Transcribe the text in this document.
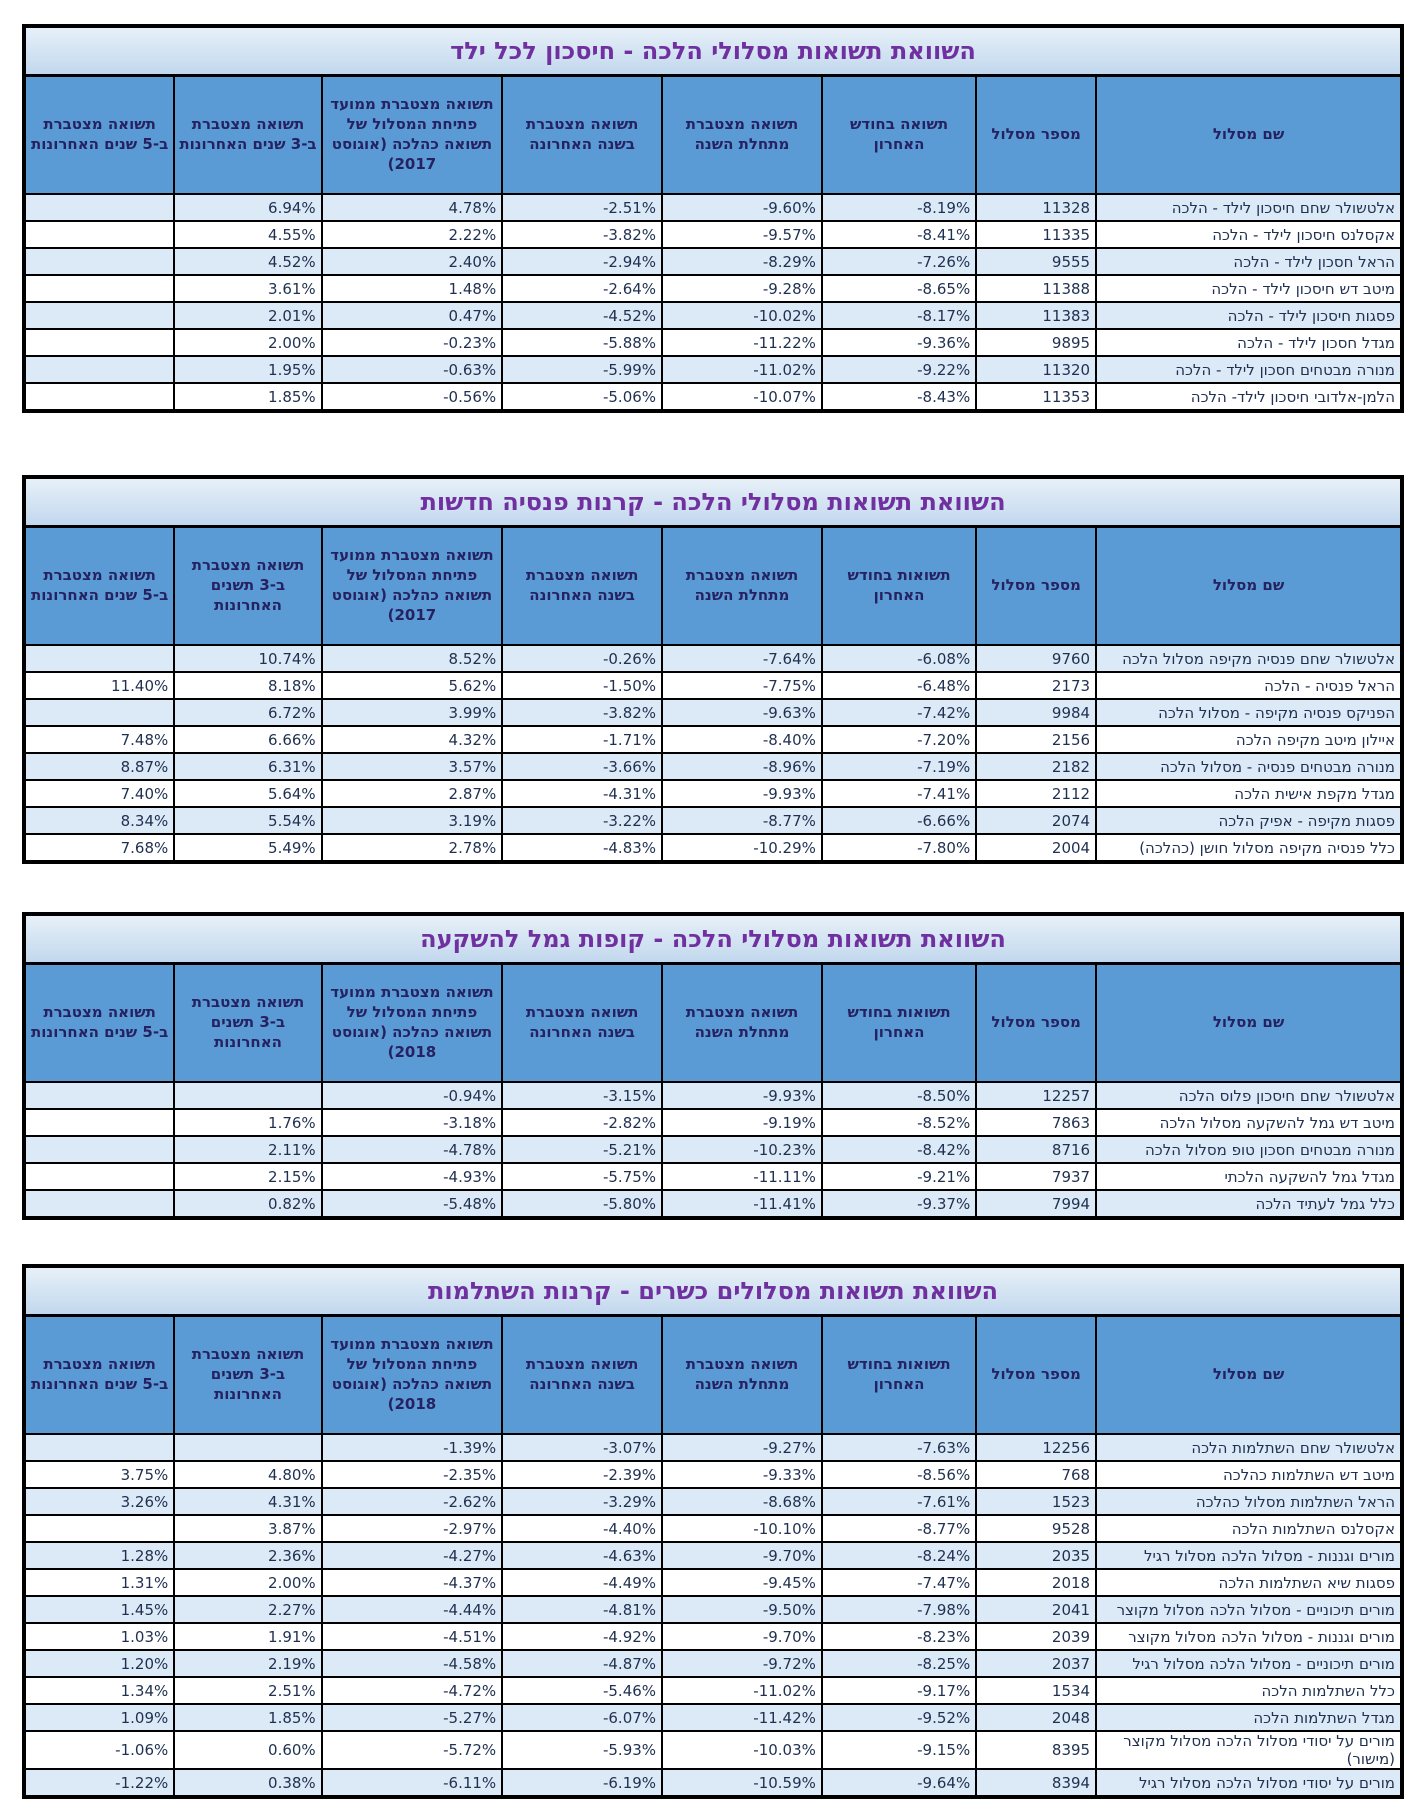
השוואת תשואות מסלולי הלכה - חיסכון לכל ילד							
שם מסלול	מספר מסלול	תשואה בחודש האחרון	תשואה מצטברת מתחלת השנה	תשואה מצטברת בשנה האחרונה	תשואה מצטברת ממועד פתיחת המסלול של תשואה כהלכה (אוגוסט 2017)	תשואה מצטברת ב-3 שנים האחרונות	תשואה מצטברת ב-5 שנים האחרונות
אלטשולר שחם חיסכון לילד - הלכה	11328	-8.19%	-9.60%	-2.51%	4.78%	6.94%	
אקסלנס חיסכון לילד - הלכה	11335	-8.41%	-9.57%	-3.82%	2.22%	4.55%	
הראל חסכון לילד - הלכה	9555	-7.26%	-8.29%	-2.94%	2.40%	4.52%	
מיטב דש חיסכון לילד - הלכה	11388	-8.65%	-9.28%	-2.64%	1.48%	3.61%	
פסגות חיסכון לילד - הלכה	11383	-8.17%	-10.02%	-4.52%	0.47%	2.01%	
מגדל חסכון לילד - הלכה	9895	-9.36%	-11.22%	-5.88%	-0.23%	2.00%	
מנורה מבטחים חסכון לילד - הלכה	11320	-9.22%	-11.02%	-5.99%	-0.63%	1.95%	
הלמן-אלדובי חיסכון לילד- הלכה	11353	-8.43%	-10.07%	-5.06%	-0.56%	1.85%	
השוואת תשואות מסלולי הלכה - קרנות פנסיה חדשות							
שם מסלול	מספר מסלול	תשואות בחודש האחרון	תשואה מצטברת מתחלת השנה	תשואה מצטברת בשנה האחרונה	תשואה מצטברת ממועד פתיחת המסלול של תשואה כהלכה (אוגוסט 2017)	תשואה מצטברת ב-3 תשנים האחרונות	תשואה מצטברת ב-5 שנים האחרונות
אלטשולר שחם פנסיה מקיפה מסלול הלכה	9760	-6.08%	-7.64%	-0.26%	8.52%	10.74%	
הראל פנסיה - הלכה	2173	-6.48%	-7.75%	-1.50%	5.62%	8.18%	11.40%
הפניקס פנסיה מקיפה - מסלול הלכה	9984	-7.42%	-9.63%	-3.82%	3.99%	6.72%	
איילון מיטב מקיפה הלכה	2156	-7.20%	-8.40%	-1.71%	4.32%	6.66%	7.48%
מנורה מבטחים פנסיה - מסלול הלכה	2182	-7.19%	-8.96%	-3.66%	3.57%	6.31%	8.87%
מגדל מקפת אישית הלכה	2112	-7.41%	-9.93%	-4.31%	2.87%	5.64%	7.40%
פסגות מקיפה - אפיק הלכה	2074	-6.66%	-8.77%	-3.22%	3.19%	5.54%	8.34%
כלל פנסיה מקיפה מסלול חושן (כהלכה)	2004	-7.80%	-10.29%	-4.83%	2.78%	5.49%	7.68%
השוואת תשואות מסלולי הלכה - קופות גמל להשקעה							
שם מסלול	מספר מסלול	תשואות בחודש האחרון	תשואה מצטברת מתחלת השנה	תשואה מצטברת בשנה האחרונה	תשואה מצטברת ממועד פתיחת המסלול של תשואה כהלכה (אוגוסט 2018)	תשואה מצטברת ב-3 תשנים האחרונות	תשואה מצטברת ב-5 שנים האחרונות
אלטשולר שחם חיסכון פלוס הלכה	12257	-8.50%	-9.93%	-3.15%	-0.94%		
מיטב דש גמל להשקעה מסלול הלכה	7863	-8.52%	-9.19%	-2.82%	-3.18%	1.76%	
מנורה מבטחים חסכון טופ מסלול הלכה	8716	-8.42%	-10.23%	-5.21%	-4.78%	2.11%	
מגדל גמל להשקעה הלכתי	7937	-9.21%	-11.11%	-5.75%	-4.93%	2.15%	
כלל גמל לעתיד הלכה	7994	-9.37%	-11.41%	-5.80%	-5.48%	0.82%	
השוואת תשואות מסלולים כשרים - קרנות השתלמות							
שם מסלול	מספר מסלול	תשואות בחודש האחרון	תשואה מצטברת מתחלת השנה	תשואה מצטברת בשנה האחרונה	תשואה מצטברת ממועד פתיחת המסלול של תשואה כהלכה (אוגוסט 2018)	תשואה מצטברת ב-3 תשנים האחרונות	תשואה מצטברת ב-5 שנים האחרונות
אלטשולר שחם השתלמות הלכה	12256	-7.63%	-9.27%	-3.07%	-1.39%		
מיטב דש השתלמות כהלכה	768	-8.56%	-9.33%	-2.39%	-2.35%	4.80%	3.75%
הראל השתלמות מסלול כהלכה	1523	-7.61%	-8.68%	-3.29%	-2.62%	4.31%	3.26%
אקסלנס השתלמות הלכה	9528	-8.77%	-10.10%	-4.40%	-2.97%	3.87%	
מורים וגננות - מסלול הלכה מסלול רגיל	2035	-8.24%	-9.70%	-4.63%	-4.27%	2.36%	1.28%
פסגות שיא השתלמות הלכה	2018	-7.47%	-9.45%	-4.49%	-4.37%	2.00%	1.31%
מורים תיכוניים - מסלול הלכה מסלול מקוצר	2041	-7.98%	-9.50%	-4.81%	-4.44%	2.27%	1.45%
מורים וגננות - מסלול הלכה מסלול מקוצר	2039	-8.23%	-9.70%	-4.92%	-4.51%	1.91%	1.03%
מורים תיכוניים - מסלול הלכה מסלול רגיל	2037	-8.25%	-9.72%	-4.87%	-4.58%	2.19%	1.20%
כלל השתלמות הלכה	1534	-9.17%	-11.02%	-5.46%	-4.72%	2.51%	1.34%
מגדל השתלמות הלכה	2048	-9.52%	-11.42%	-6.07%	-5.27%	1.85%	1.09%
מורים על יסודי מסלול הלכה מסלול מקוצר (מישור)	8395	-9.15%	-10.03%	-5.93%	-5.72%	0.60%	-1.06%
מורים על יסודי מסלול הלכה מסלול רגיל	8394	-9.64%	-10.59%	-6.19%	-6.11%	0.38%	-1.22%
